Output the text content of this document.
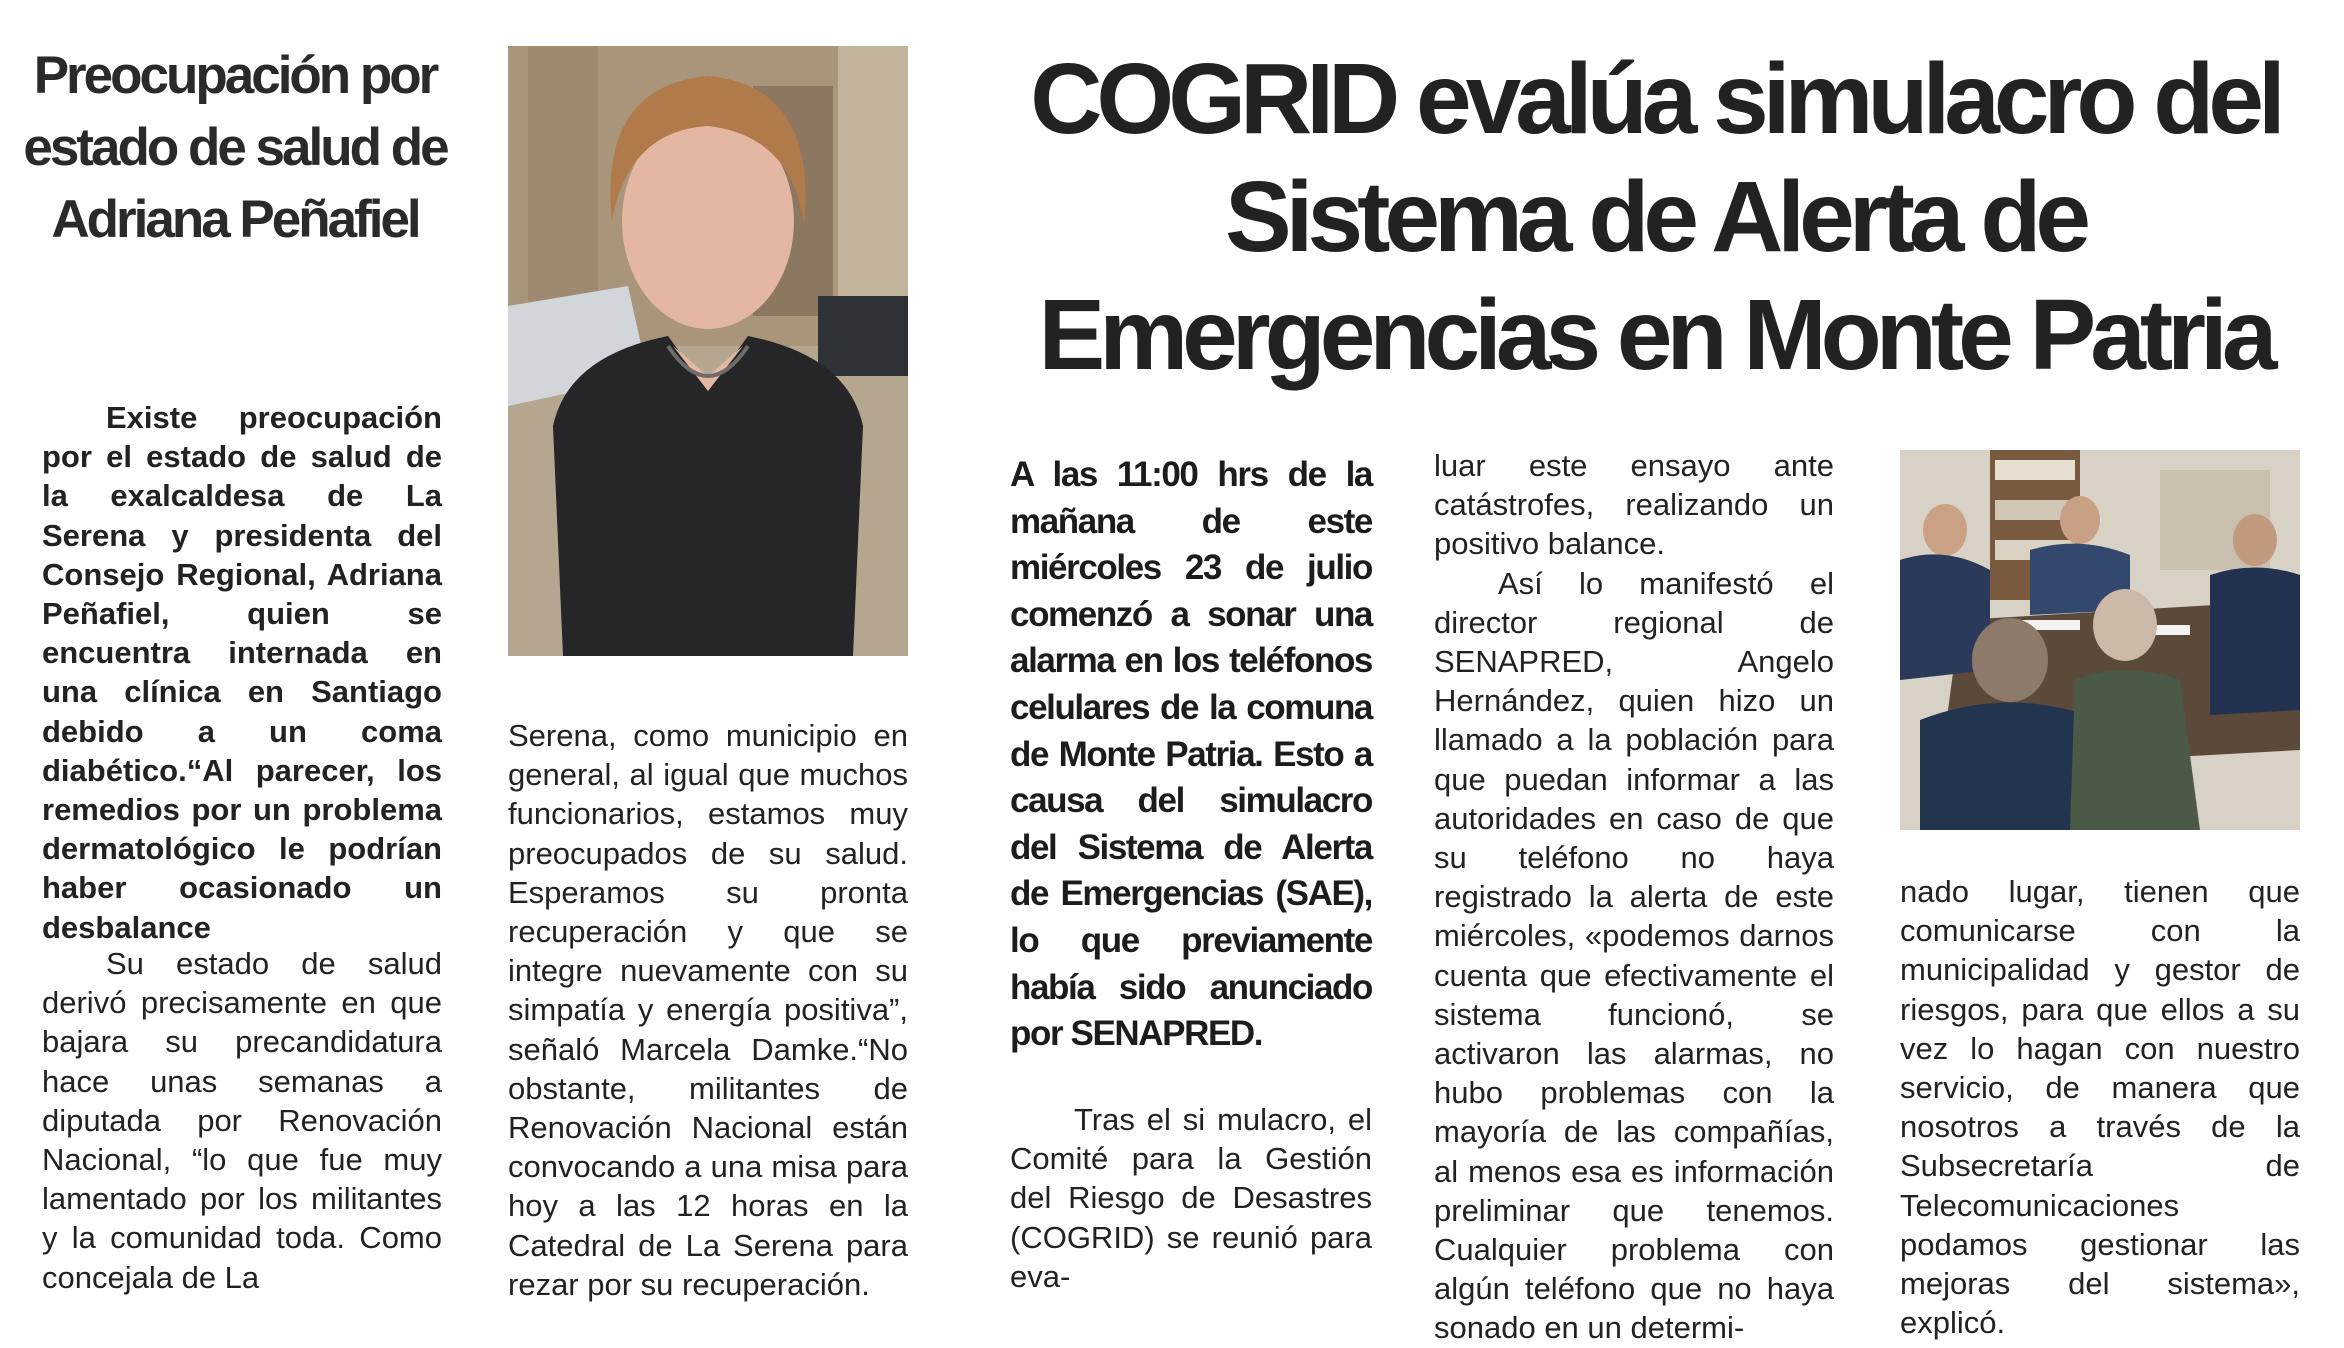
Preocupación por estado de salud de Adriana Peñafiel

Existe preocupación por el estado de salud de la exalcaldesa de La Serena y presidenta del Consejo Regional, Adriana Peñafiel, quien se encuentra internada en una clínica en Santiago debido a un coma diabético.“Al parecer, los remedios por un problema dermatológico le podrían haber ocasionado un desbalance

Su estado de salud derivó precisamente en que bajara su precandidatura hace unas semanas a diputada por Renovación Nacional, “lo que fue muy lamentado por los militantes y la comunidad toda. Como concejala de La

Serena, como municipio en general, al igual que muchos funcionarios, estamos muy preocupados de su salud. Esperamos su pronta recuperación y que se integre nuevamente con su simpatía y energía positiva”, señaló Marcela Damke.“No obstante, militantes de Renovación Nacional están convocando a una misa para hoy a las 12 horas en la Catedral de La Serena para rezar por su recuperación.

COGRID evalúa simulacro del Sistema de Alerta de Emergencias en Monte Patria

A las 11:00 hrs de la mañana de este miércoles 23 de julio comenzó a sonar una alarma en los teléfonos celulares de la comuna de Monte Patria. Esto a causa del simulacro del Sistema de Alerta de Emergencias (SAE), lo que previamente había sido anunciado por SENAPRED.

Tras el si mulacro, el Comité para la Gestión del Riesgo de Desastres (COGRID) se reunió para eva-

luar este ensayo ante catástrofes, realizando un positivo balance.

Así lo manifestó el director regional de SENAPRED, Angelo Hernández, quien hizo un llamado a la población para que puedan informar a las autoridades en caso de que su teléfono no haya registrado la alerta de este miércoles, «podemos darnos cuenta que efectivamente el sistema funcionó, se activaron las alarmas, no hubo problemas con la mayoría de las compañías, al menos esa es información preliminar que tenemos. Cualquier problema con algún teléfono que no haya sonado en un determi-

nado lugar, tienen que comunicarse con la municipalidad y gestor de riesgos, para que ellos a su vez lo hagan con nuestro servicio, de manera que nosotros a través de la Subsecretaría de Telecomunicaciones podamos gestionar las mejoras del sistema», explicó.
